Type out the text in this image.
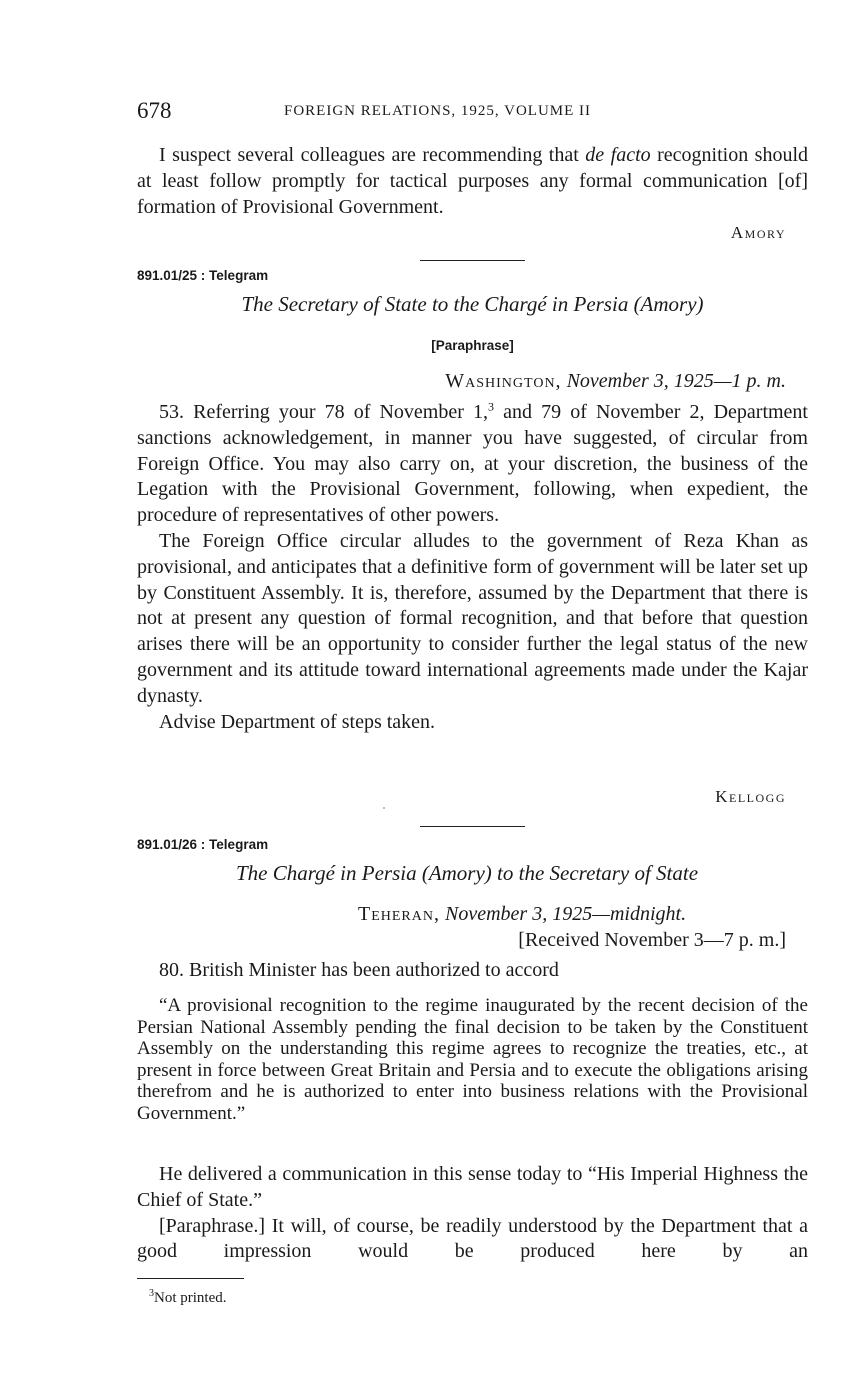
678	FOREIGN RELATIONS, 1925, VOLUME II

I suspect several colleagues are recommending that de facto recognition should at least follow promptly for tactical purposes any formal communication [of] formation of Provisional Government.

Amory
891.01/25 : Telegram
The Secretary of State to the Chargé in Persia (Amory)
[Paraphrase]
Washington, November 3, 1925—1 p. m.

53. Referring your 78 of November 1,$^3$ and 79 of November 2, Department sanctions acknowledgement, in manner you have suggested, of circular from Foreign Office. You may also carry on, at your discretion, the business of the Legation with the Provisional Government, following, when expedient, the procedure of representatives of other powers.

The Foreign Office circular alludes to the government of Reza Khan as provisional, and anticipates that a definitive form of government will be later set up by Constituent Assembly. It is, therefore, assumed by the Department that there is not at present any question of formal recognition, and that before that question arises there will be an opportunity to consider further the legal status of the new government and its attitude toward international agreements made under the Kajar dynasty.

Advise Department of steps taken.

Kellogg
891.01/26 : Telegram
The Chargé in Persia (Amory) to the Secretary of State
Teheran, November 3, 1925—midnight.
[Received November 3—7 p. m.]

80. British Minister has been authorized to accord

“A provisional recognition to the regime inaugurated by the recent decision of the Persian National Assembly pending the final decision to be taken by the Constituent Assembly on the understanding this regime agrees to recognize the treaties, etc., at present in force between Great Britain and Persia and to execute the obligations arising therefrom and he is authorized to enter into business relations with the Provisional Government.”

He delivered a communication in this sense today to “His Imperial Highness the Chief of State.”

[Paraphrase.] It will, of course, be readily understood by the Department that a good impression would be produced here by an

$^3$Not printed.
